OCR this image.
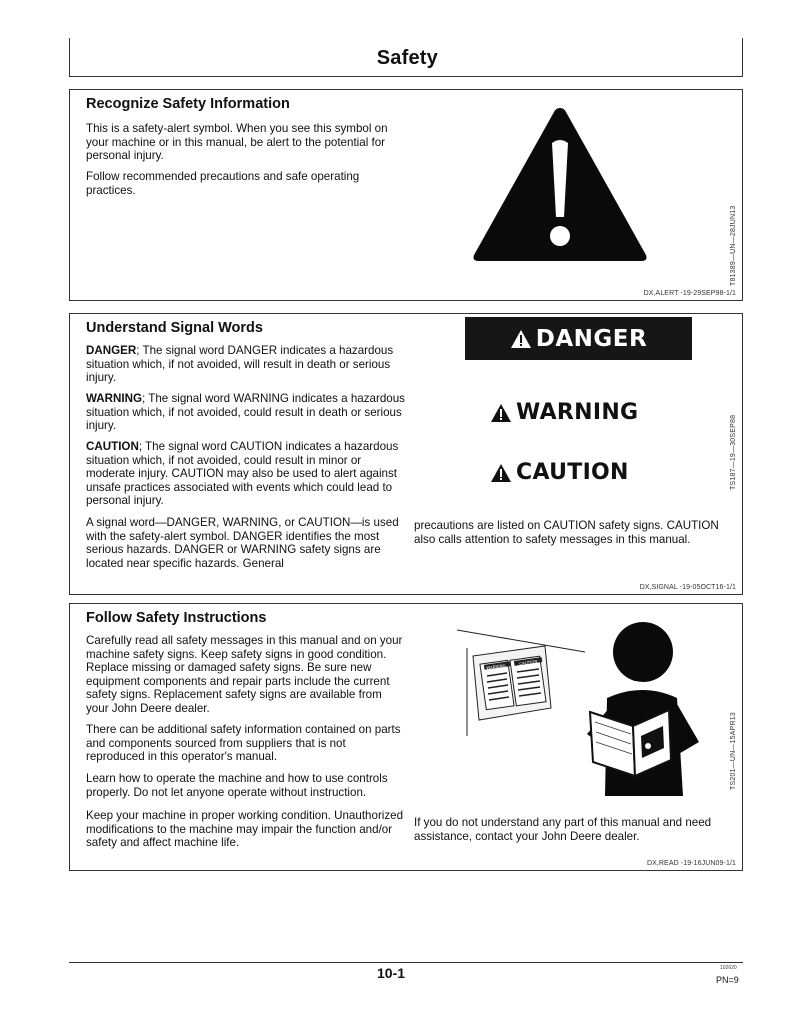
Safety
Recognize Safety Information
This is a safety-alert symbol. When you see this symbol on your machine or in this manual, be alert to the potential for personal injury.
Follow recommended precautions and safe operating practices.
T81389—UN—28JUN13
DX,ALERT -19-29SEP98-1/1
Understand Signal Words
DANGER; The signal word DANGER indicates a hazardous situation which, if not avoided, will result in death or serious injury.
WARNING; The signal word WARNING indicates a hazardous situation which, if not avoided, could result in death or serious injury.
CAUTION; The signal word CAUTION indicates a hazardous situation which, if not avoided, could result in minor or moderate injury. CAUTION may also be used to alert against unsafe practices associated with events which could lead to personal injury.
A signal word—DANGER, WARNING, or CAUTION—is used with the safety-alert symbol. DANGER identifies the most serious hazards. DANGER or WARNING safety signs are located near specific hazards. General
precautions are listed on CAUTION safety signs. CAUTION also calls attention to safety messages in this manual.
DANGER
WARNING
CAUTION	TS187—19—30SEP88
DX,SIGNAL -19-05OCT16-1/1
Follow Safety Instructions
Carefully read all safety messages in this manual and on your machine safety signs. Keep safety signs in good condition. Replace missing or damaged safety signs. Be sure new equipment components and repair parts include the current safety signs. Replacement safety signs are available from your John Deere dealer.
There can be additional safety information contained on parts and components sourced from suppliers that is not reproduced in this operator's manual.
Learn how to operate the machine and how to use controls properly. Do not let anyone operate without instruction.
Keep your machine in proper working condition. Unauthorized modifications to the machine may impair the function and/or safety and affect machine life.
If you do not understand any part of this manual and need assistance, contact your John Deere dealer.
WARNING
CAUTION
TS201—UN—15APR13
DX,READ -19-16JUN09-1/1
10-1	102620
PN=9
